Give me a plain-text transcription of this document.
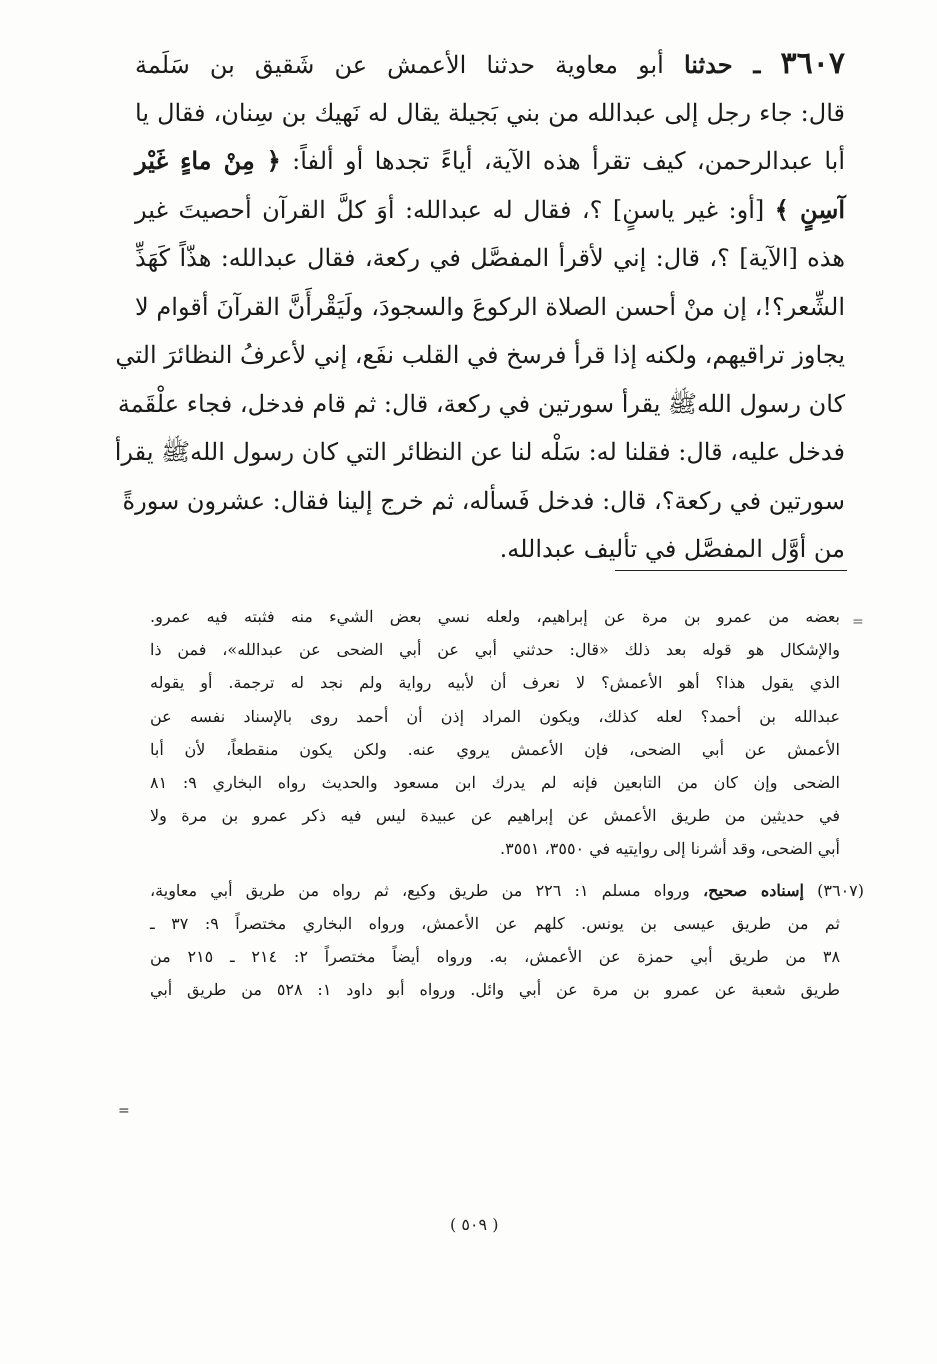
٣٦٠٧ ـ حدثنا أبو معاوية حدثنا الأعمش عن شَقيق بن سَلَمة
قال: جاء رجل إلى عبدالله من بني بَجيلة يقال له نَهيك بن سِنان، فقال يا
أبا عبدالرحمن، كيف تقرأ هذه الآية، أياءً تجدها أو ألفاً: ﴿ مِنْ ماءٍ غَيْر
آسِنٍ ﴾ [أو: غير ياسنٍ] ؟، فقال له عبدالله: أوَ كلَّ القرآن أحصيتَ غير
هذه [الآية] ؟، قال: إني لأقرأ المفصَّل في ركعة، فقال عبدالله: هذّاً كَهَذِّ
الشِّعر؟!، إن منْ أحسن الصلاة الركوعَ والسجودَ، ولَيَقْرأَنَّ القرآنَ أقوام لا
يجاوز تراقيهم، ولكنه إذا قرأ فرسخ في القلب نفَع، إني لأعرفُ النظائرَ التي
كان رسول اللهﷺ يقرأ سورتين في ركعة، قال: ثم قام فدخل، فجاء علْقَمة
فدخل عليه، قال: فقلنا له: سَلْه لنا عن النظائر التي كان رسول اللهﷺ يقرأ
سورتين في ركعة؟، قال: فدخل فَسأله، ثم خرج إلينا فقال: عشرون سورةً
من أوَّل المفصَّل في تأليف عبدالله.
=
بعضه من عمرو بن مرة عن إبراهيم، ولعله نسي بعض الشيء منه فثبته فيه عمرو.
والإشكال هو قوله بعد ذلك «قال: حدثني أبي عن أبي الضحى عن عبدالله»، فمن ذا
الذي يقول هذا؟ أهو الأعمش؟ لا نعرف أن لأبيه رواية ولم نجد له ترجمة. أو يقوله
عبدالله بن أحمد؟ لعله كذلك، ويكون المراد إذن أن أحمد روى بالإسناد نفسه عن
الأعمش عن أبي الضحى، فإن الأعمش يروي عنه. ولكن يكون منقطعاً، لأن أبا
الضحى وإن كان من التابعين فإنه لم يدرك ابن مسعود والحديث رواه البخاري ٩: ٨١
في حديثين من طريق الأعمش عن إبراهيم عن عبيدة ليس فيه ذكر عمرو بن مرة ولا
أبي الضحى، وقد أشرنا إلى روايتيه في ٣٥٥٠، ٣٥٥١.
(٣٦٠٧) إسناده صحيح، ورواه مسلم ١: ٢٢٦ من طريق وكيع، ثم رواه من طريق أبي معاوية،
ثم من طريق عيسى بن يونس. كلهم عن الأعمش، ورواه البخاري مختصراً ٩: ٣٧ ـ
٣٨ من طريق أبي حمزة عن الأعمش، به. ورواه أيضاً مختصراً ٢: ٢١٤ ـ ٢١٥ من
طريق شعبة عن عمرو بن مرة عن أبي وائل. ورواه أبو داود ١: ٥٢٨ من طريق أبي
=
( ٥٠٩ )
